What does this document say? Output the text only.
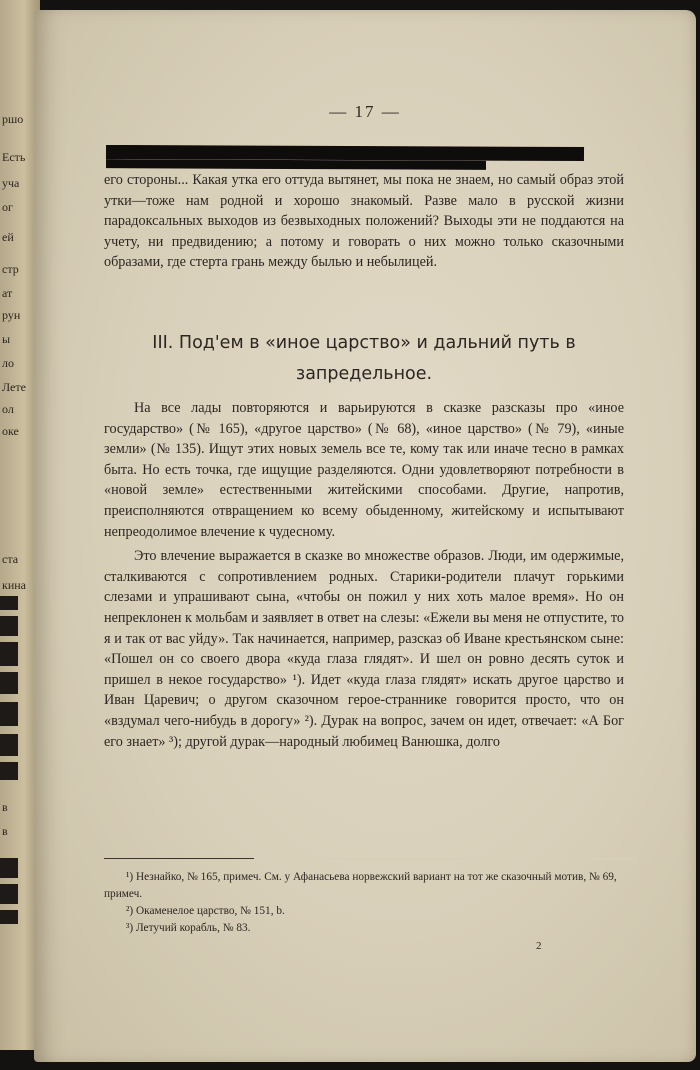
ршо
Есть
уча
ог
ей
стр
ат
рун
ы
ло
Лете
ол
оке
ста
кина
в
в
— 17 —

его стороны... Какая утка его оттуда вытянет, мы пока не знаем, но самый образ этой утки—тоже нам родной и хорошо знакомый. Разве мало в русской жизни парадоксальных выходов из безвыходных положений? Выходы эти не поддаются на учету, ни предвидению; а потому и говорать о них можно только сказочными образами, где стерта грань между былью и небылицей.

III. Под'ем в «иное царство» и дальний путь в
запредельное.

На все лады повторяются и варьируются в сказке разсказы про «иное государство» (№ 165), «другое царство» (№ 68), «иное царство» (№ 79), «иные земли» (№ 135). Ищут этих новых земель все те, кому так или иначе тесно в рамках быта. Но есть точка, где ищущие разделяются. Одни удовлетворяют потребности в «новой земле» естественными житейскими способами. Другие, напротив, преисполняются отвращением ко всему обыденному, житейскому и испытывают непреодолимое влечение к чудесному.

Это влечение выражается в сказке во множестве образов. Люди, им одержимые, сталкиваются с сопротивлением родных. Старики-родители плачут горькими слезами и упрашивают сына, «чтобы он пожил у них хоть малое время». Но он непреклонен к мольбам и заявляет в ответ на слезы: «Ежели вы меня не отпустите, то я и так от вас уйду». Так начинается, например, разсказ об Иване крестьянском сыне: «Пошел он со своего двора «куда глаза глядят». И шел он ровно десять суток и пришел в некое государство» ¹). Идет «куда глаза глядят» искать другое царство и Иван Царевич; о другом сказочном герое-страннике говорится просто, что он «вздумал чего-нибудь в дорогу» ²). Дурак на вопрос, зачем он идет, отвечает: «А Бог его знает» ³); другой дурак—народный любимец Ванюшка, долго

¹) Незнайко, № 165, примеч. См. у Афанасьева норвежский вариант на тот же сказочный мотив, № 69, примеч.

²) Окаменелое царство, № 151, b.

³) Летучий корабль, № 83.

2
